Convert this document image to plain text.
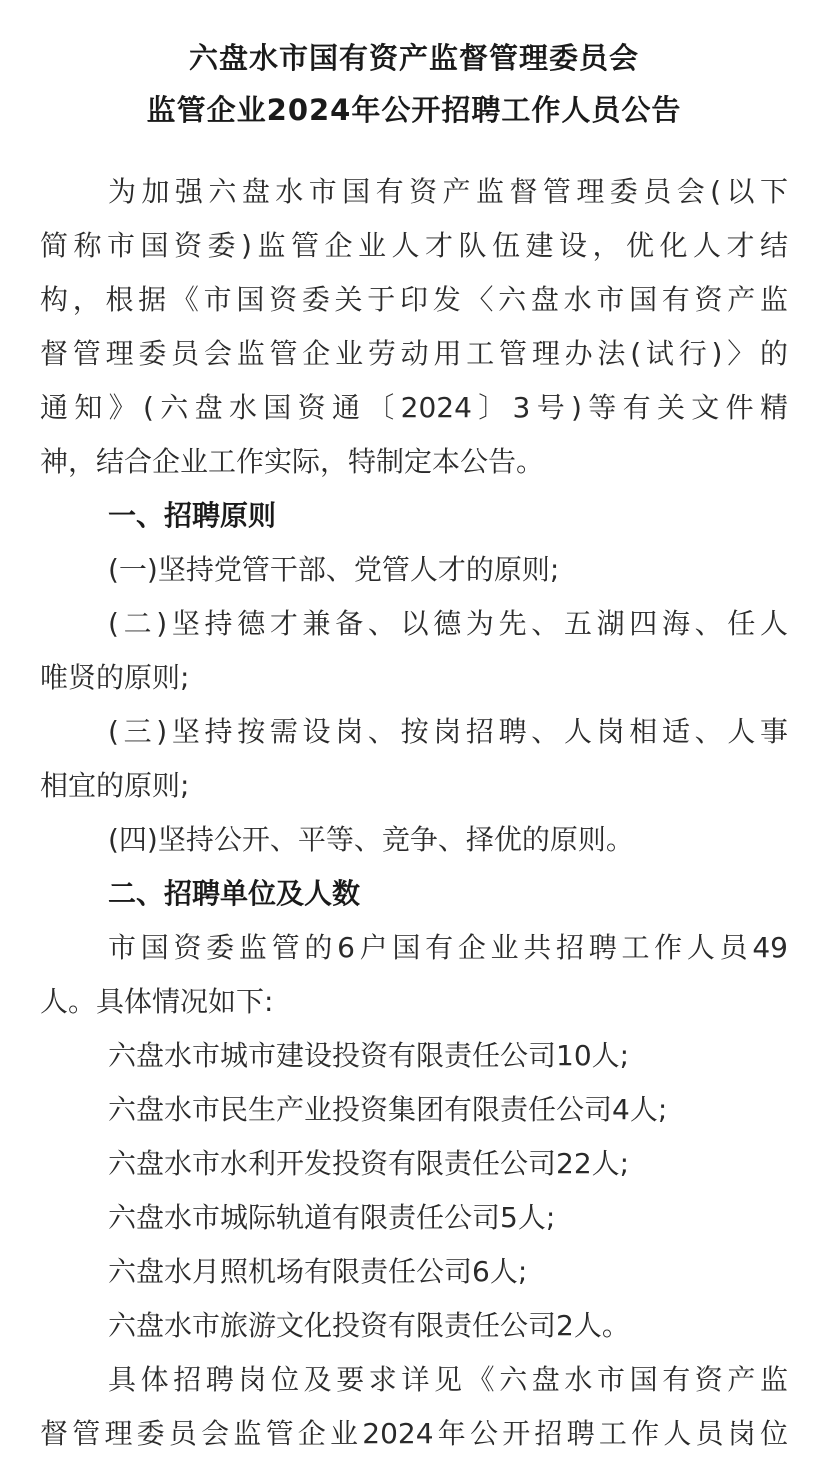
六盘水市国有资产监督管理委员会
监管企业2024年公开招聘工作人员公告
为加强六盘水市国有资产监督管理委员会(以下
简称市国资委)监管企业人才队伍建设，优化人才结
构，根据《市国资委关于印发〈六盘水市国有资产监
督管理委员会监管企业劳动用工管理办法(试行)〉的
通知》(六盘水国资通〔2024〕3号)等有关文件精
神，结合企业工作实际，特制定本公告。
一、招聘原则
(一)坚持党管干部、党管人才的原则;
(二)坚持德才兼备、以德为先、五湖四海、任人
唯贤的原则;
(三)坚持按需设岗、按岗招聘、人岗相适、人事
相宜的原则;
(四)坚持公开、平等、竞争、择优的原则。
二、招聘单位及人数
市国资委监管的6户国有企业共招聘工作人员49
人。具体情况如下:
六盘水市城市建设投资有限责任公司10人;
六盘水市民生产业投资集团有限责任公司4人;
六盘水市水利开发投资有限责任公司22人;
六盘水市城际轨道有限责任公司5人;
六盘水月照机场有限责任公司6人;
六盘水市旅游文化投资有限责任公司2人。
具体招聘岗位及要求详见《六盘水市国有资产监
督管理委员会监管企业2024年公开招聘工作人员岗位
